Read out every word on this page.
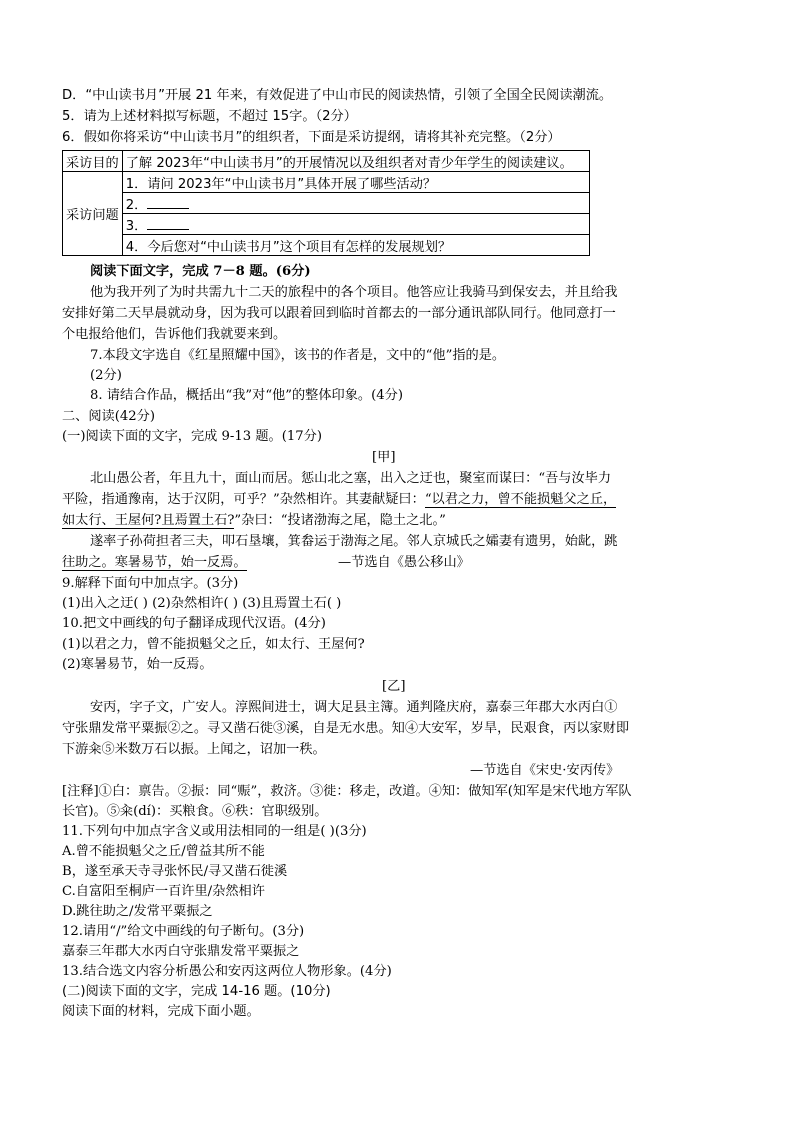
D．“中山读书月”开展 21 年来，有效促进了中山市民的阅读热情，引领了全国全民阅读潮流。
5．请为上述材料拟写标题，不超过 15字。（2分）
6．假如你将采访“中山读书月”的组织者，下面是采访提纲，请将其补充完整。（2分）
采访目的	了解 2023年“中山读书月”的开展情况以及组织者对青少年学生的阅读建议。
采访问题	1．请问 2023年“中山读书月”具体开展了哪些活动？
	2．
	3．
	4．今后您对“中山读书月”这个项目有怎样的发展规划？
阅读下面文字，完成 7－8 题。(6分)
他为我开列了为时共需九十二天的旅程中的各个项目。他答应让我骑马到保安去，并且给我
安排好第二天早晨就动身，因为我可以跟着回到临时首都去的一部分通讯部队同行。他同意打一
个电报给他们，告诉他们我就要来到。
7.本段文字选自《红星照耀中国》，该书的作者是，文中的“他”指的是。
(2分)
8. 请结合作品，概括出“我”对“他”的整体印象。(4分)
二、阅读(42分)
(一)阅读下面的文字，完成 9-13 题。(17分)
[甲]
北山愚公者，年且九十，面山而居。惩山北之塞，出入之迂也，聚室而谋曰：“吾与汝毕力
平险，指通豫南，达于汉阴，可乎？”杂然相许。其妻献疑曰：“以君之力，曾不能损魁父之丘，
如太行、王屋何?且焉置土石?”杂曰：“投诸渤海之尾，隐土之北。”
遂率子孙荷担者三夫，叩石垦壤，箕畚运于渤海之尾。邻人京城氏之孀妻有遗男，始龀，跳
往助之。寒暑易节，始一反焉。	—节选自《愚公移山》
9.解释下面句中加点字。(3分)
(1)出入之迂( ) (2)杂然相许( ) (3)且焉置土石( )
10.把文中画线的句子翻译成现代汉语。(4分)
(1)以君之力，曾不能损魁父之丘，如太行、王屋何?
(2)寒暑易节，始一反焉。
[乙]
安丙，字子文，广安人。淳熙间进士，调大足县主簿。通判隆庆府，嘉泰三年郡大水丙白①
守张鼎发常平粟振②之。寻又凿石徙③溪，自是无水患。知④大安军，岁旱，民艰食，丙以家财即
下游籴⑤米数万石以振。上闻之，诏加一秩。
—节选自《宋史·安丙传》
[注释]①白：禀告。②振：同“赈”，救济。③徙：移走，改道。④知：做知军(知军是宋代地方军队
长官)。⑤籴(dí)：买粮食。⑥秩：官职级别。
11.下列句中加点字含义或用法相同的一组是( )(3分)
A.曾不能损魁父之丘/曾益其所不能
B，遂至承天寺寻张怀民/寻又凿石徙溪
C.自富阳至桐庐一百许里/杂然相许
D.跳往助之/发常平粟振之
12.请用“/”给文中画线的句子断句。(3分)
嘉泰三年郡大水丙白守张鼎发常平粟振之
13.结合选文内容分析愚公和安丙这两位人物形象。(4分)
(二)阅读下面的文字，完成 14-16 题。(10分)
阅读下面的材料，完成下面小题。
